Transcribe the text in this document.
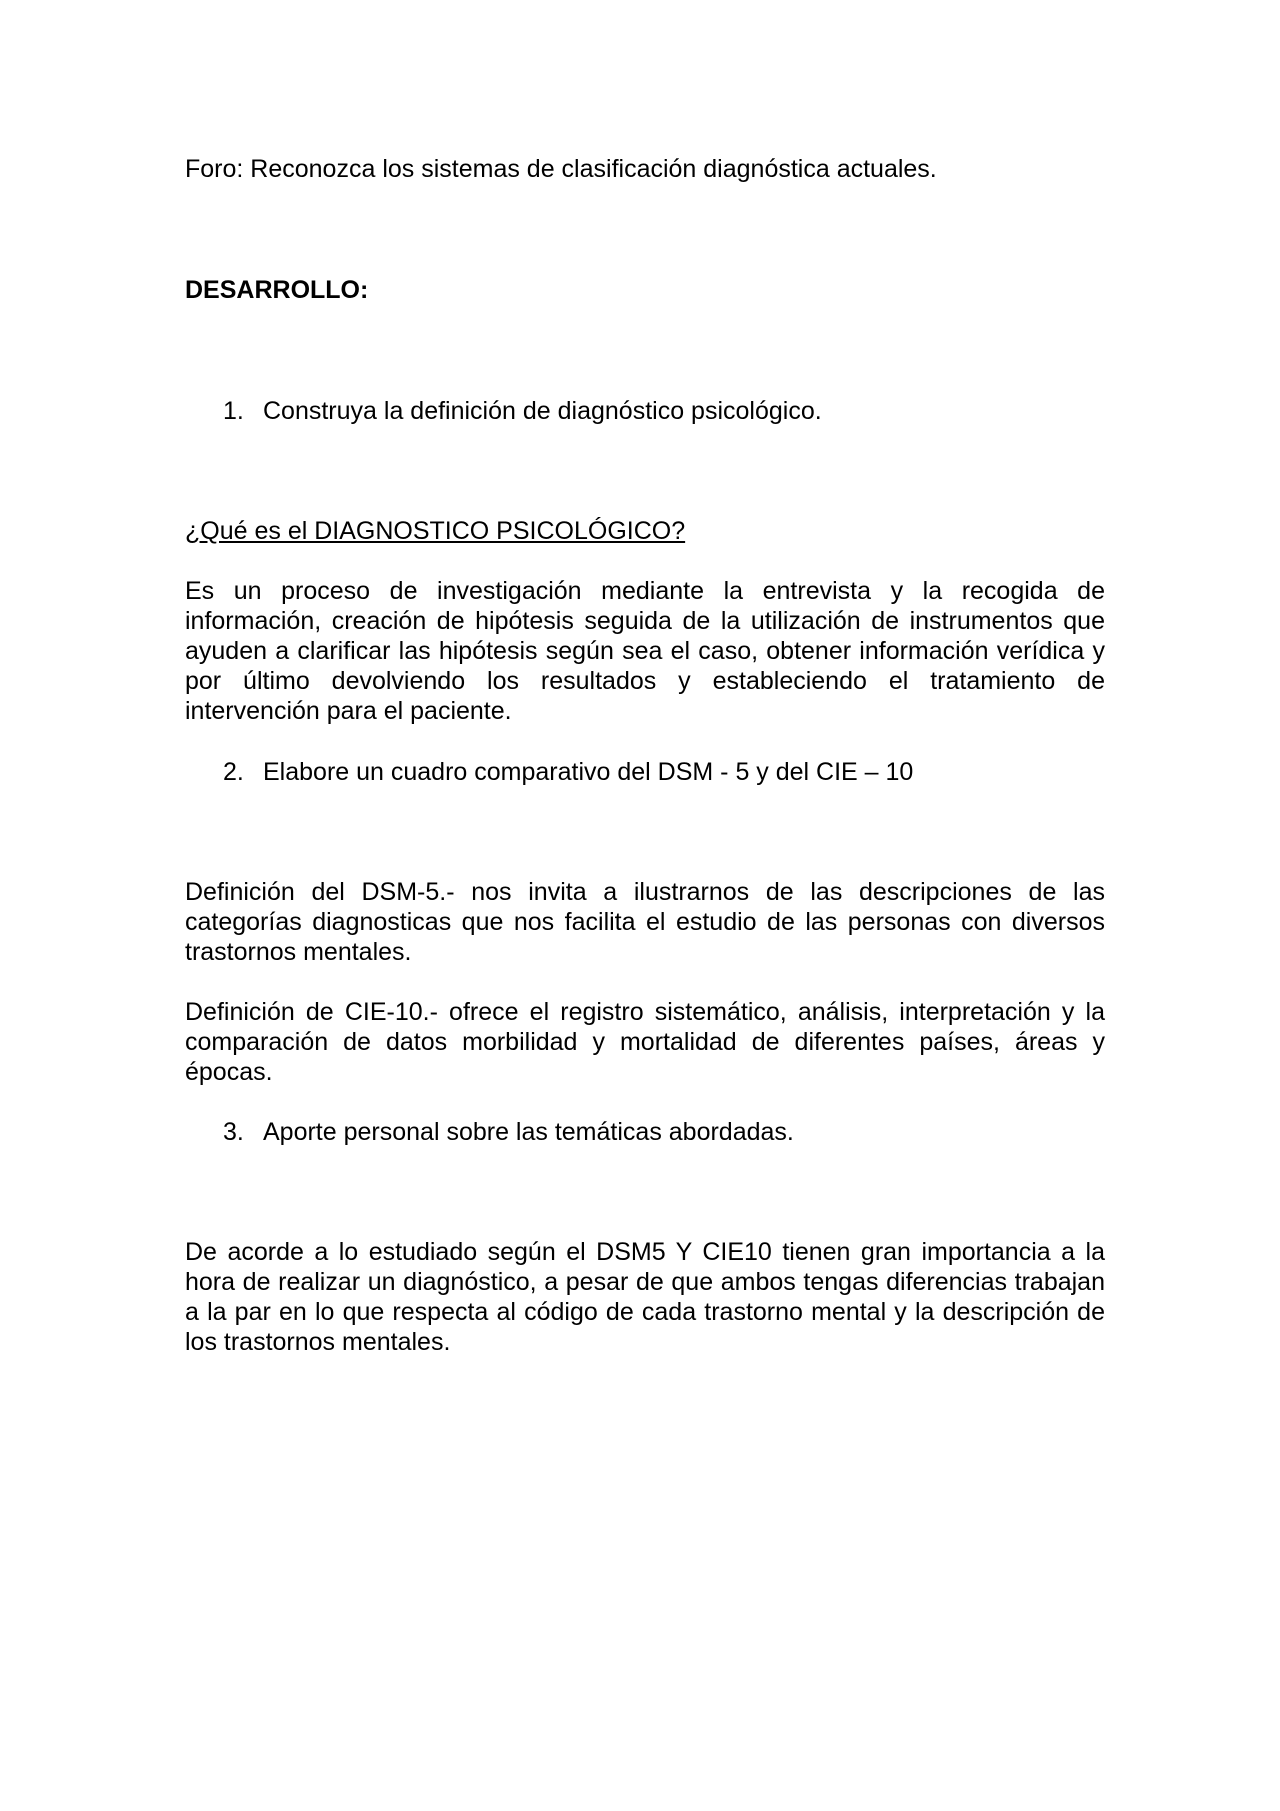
Foro: Reconozca los sistemas de clasificación diagnóstica actuales.
DESARROLLO:
1. Construya la definición de diagnóstico psicológico.
¿Qué es el DIAGNOSTICO PSICOLÓGICO?

Es un proceso de investigación mediante la entrevista y la recogida de información, creación de hipótesis seguida de la utilización de instrumentos que ayuden a clarificar las hipótesis según sea el caso, obtener información verídica y por último devolviendo los resultados y estableciendo el tratamiento de intervención para el paciente.

2. Elabore un cuadro comparativo del DSM - 5 y del CIE – 10

Definición del DSM-5.- nos invita a ilustrarnos de las descripciones de las categorías diagnosticas que nos facilita el estudio de las personas con diversos trastornos mentales.

Definición de CIE-10.- ofrece el registro sistemático, análisis, interpretación y la comparación de datos morbilidad y mortalidad de diferentes países, áreas y épocas.

3. Aporte personal sobre las temáticas abordadas.

De acorde a lo estudiado según el DSM5 Y CIE10 tienen gran importancia a la hora de realizar un diagnóstico, a pesar de que ambos tengas diferencias trabajan a la par en lo que respecta al código de cada trastorno mental y la descripción de los trastornos mentales.
